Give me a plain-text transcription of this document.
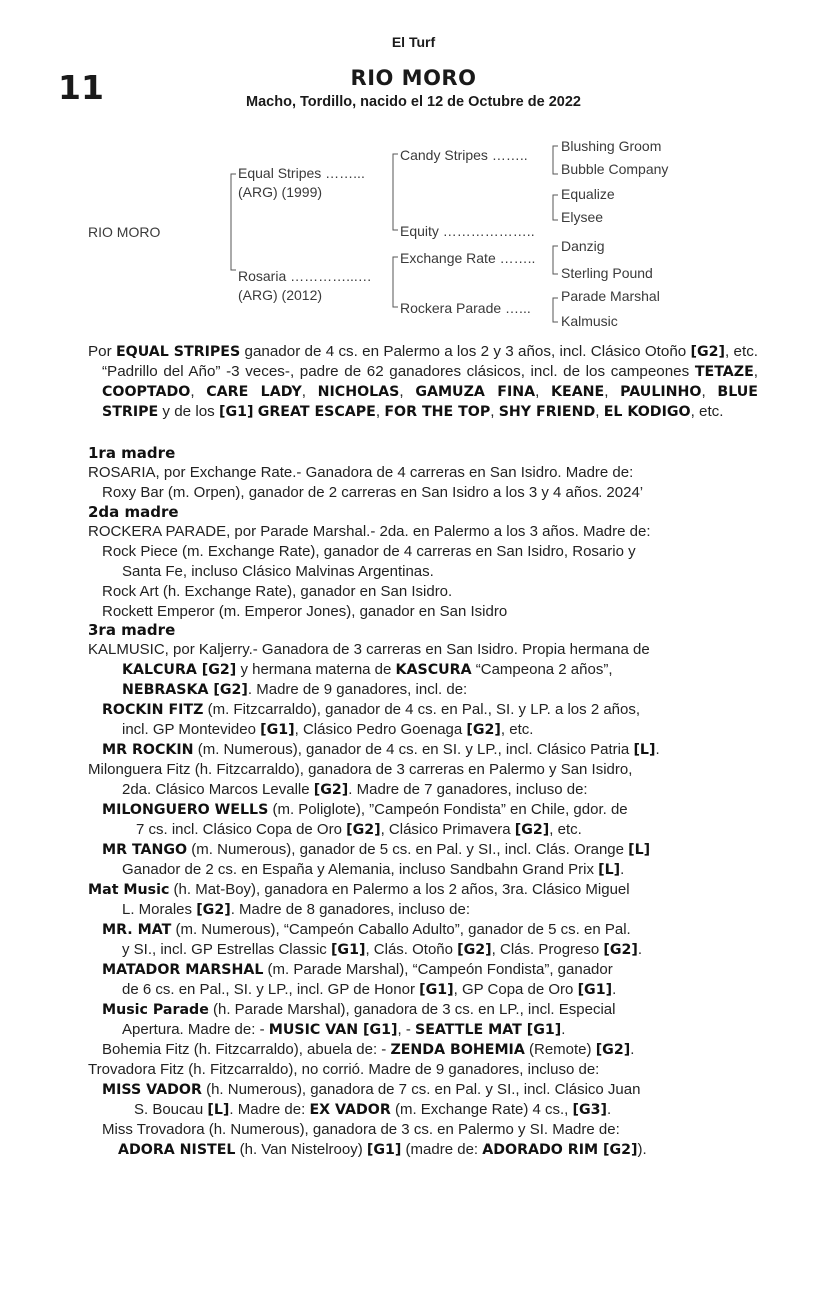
El Turf
11	RIO MORO
Macho, Tordillo, nacido el 12 de Octubre de 2022
RIO MORO
Equal Stripes ……...
(ARG) (1999)
Rosaria …………...…
(ARG) (2012)
Candy Stripes ……..
Equity ………………..
Exchange Rate ……..
Rockera Parade …...
Blushing Groom
Bubble Company
Equalize
Elysee
Danzig
Sterling Pound
Parade Marshal
Kalmusic
Por EQUAL STRIPES ganador de 4 cs. en Palermo a los 2 y 3 años, incl. Clásico Otoño [G2], etc. “Padrillo del Año” -3 veces-, padre de 62 ganadores clásicos, incl. de los campeones TETAZE, COOPTADO, CARE LADY, NICHOLAS, GAMUZA FINA, KEANE, PAULINHO, BLUE STRIPE y de los [G1] GREAT ESCAPE, FOR THE TOP, SHY FRIEND, EL KODIGO, etc.
1ra madre
ROSARIA, por Exchange Rate.- Ganadora de 4 carreras en San Isidro. Madre de:
Roxy Bar (m. Orpen), ganador de 2 carreras en San Isidro a los 3 y 4 años. 2024’
2da madre
ROCKERA PARADE, por Parade Marshal.- 2da. en Palermo a los 3 años. Madre de:
Rock Piece (m. Exchange Rate), ganador de 4 carreras en San Isidro, Rosario y
Santa Fe, incluso Clásico Malvinas Argentinas.
Rock Art (h. Exchange Rate), ganador en San Isidro.
Rockett Emperor (m. Emperor Jones), ganador en San Isidro
3ra madre
KALMUSIC, por Kaljerry.- Ganadora de 3 carreras en San Isidro. Propia hermana de
KALCURA [G2] y hermana materna de KASCURA “Campeona 2 años”,
NEBRASKA [G2]. Madre de 9 ganadores, incl. de:
ROCKIN FITZ (m. Fitzcarraldo), ganador de 4 cs. en Pal., SI. y LP. a los 2 años,
incl. GP Montevideo [G1], Clásico Pedro Goenaga [G2], etc.
MR ROCKIN (m. Numerous), ganador de 4 cs. en SI. y LP., incl. Clásico Patria [L].
Milonguera Fitz (h. Fitzcarraldo), ganadora de 3 carreras en Palermo y San Isidro,
2da. Clásico Marcos Levalle [G2]. Madre de 7 ganadores, incluso de:
MILONGUERO WELLS (m. Poliglote), ”Campeón Fondista” en Chile, gdor. de
7 cs. incl. Clásico Copa de Oro [G2], Clásico Primavera [G2], etc.
MR TANGO (m. Numerous), ganador de 5 cs. en Pal. y SI., incl. Clás. Orange [L]
Ganador de 2 cs. en España y Alemania, incluso Sandbahn Grand Prix [L].
Mat Music (h. Mat-Boy), ganadora en Palermo a los 2 años, 3ra. Clásico Miguel
L. Morales [G2]. Madre de 8 ganadores, incluso de:
MR. MAT (m. Numerous), “Campeón Caballo Adulto”, ganador de 5 cs. en Pal.
y SI., incl. GP Estrellas Classic [G1], Clás. Otoño [G2], Clás. Progreso [G2].
MATADOR MARSHAL (m. Parade Marshal), “Campeón Fondista”, ganador
de 6 cs. en Pal., SI. y LP., incl. GP de Honor [G1], GP Copa de Oro [G1].
Music Parade (h. Parade Marshal), ganadora de 3 cs. en LP., incl. Especial
Apertura. Madre de: - MUSIC VAN [G1], - SEATTLE MAT [G1].
Bohemia Fitz (h. Fitzcarraldo), abuela de: - ZENDA BOHEMIA (Remote) [G2].
Trovadora Fitz (h. Fitzcarraldo), no corrió. Madre de 9 ganadores, incluso de:
MISS VADOR (h. Numerous), ganadora de 7 cs. en Pal. y SI., incl. Clásico Juan
S. Boucau [L]. Madre de: EX VADOR (m. Exchange Rate) 4 cs., [G3].
Miss Trovadora (h. Numerous), ganadora de 3 cs. en Palermo y SI. Madre de:
ADORA NISTEL (h. Van Nistelrooy) [G1] (madre de: ADORADO RIM [G2]).
